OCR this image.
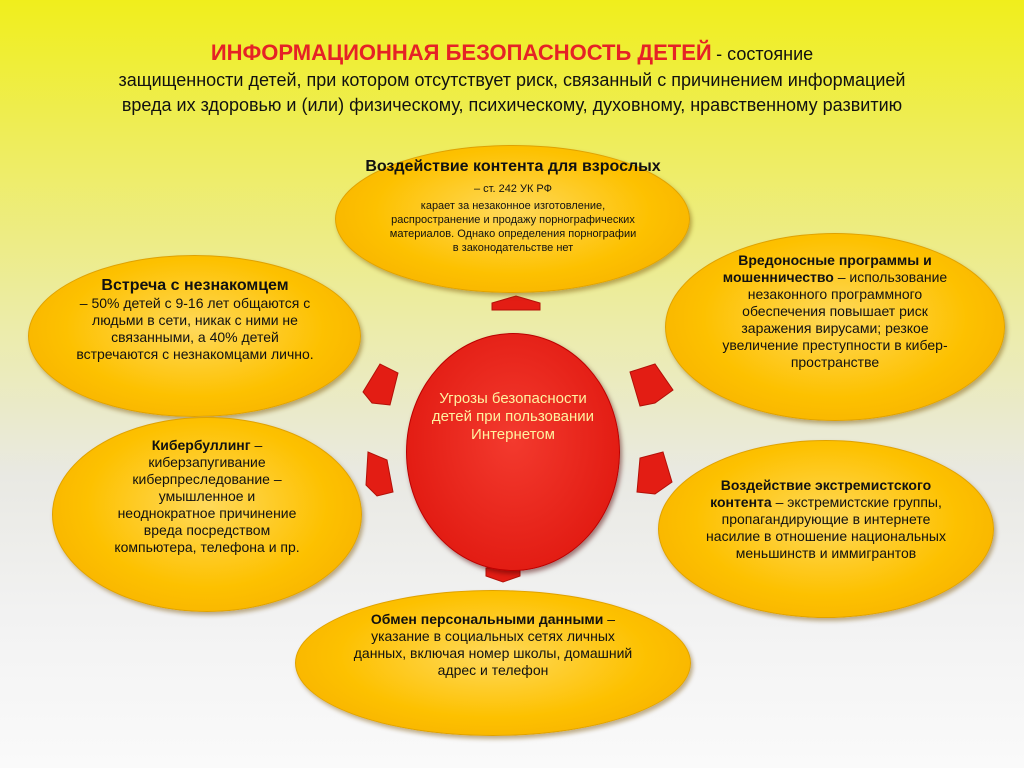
ИНФОРМАЦИОННАЯ БЕЗОПАСНОСТЬ ДЕТЕЙ - состояние
защищенности детей, при котором отсутствует риск, связанный с причинением информацией
вреда их здоровью и (или) физическому, психическому, духовному, нравственному развитию
Угрозы безопасности детей при пользовании Интернетом
Воздействие контента для взрослых – ст. 242 УК РФ
карает за незаконное изготовление, распространение и продажу порнографических материалов. Однако определения порнографии в законодательстве нет
Встреча с незнакомцем
– 50% детей с 9-16 лет общаются с людьми в сети, никак с ними не связанными, а 40% детей встречаются с незнакомцами лично.
Вредоносные программы и мошенничество – использование незаконного программного обеспечения повышает риск заражения вирусами; резкое увеличение преступности в кибер- пространстве
Кибербуллинг – киберзапугивание киберпреследование – умышленное и неоднократное причинение вреда посредством компьютера, телефона и пр.
Воздействие экстремистского контента – экстремистские группы, пропагандирующие в интернете насилие в отношение национальных меньшинств и иммигрантов
Обмен персональными данными – указание в социальных сетях личных данных, включая номер школы, домашний адрес и телефон
